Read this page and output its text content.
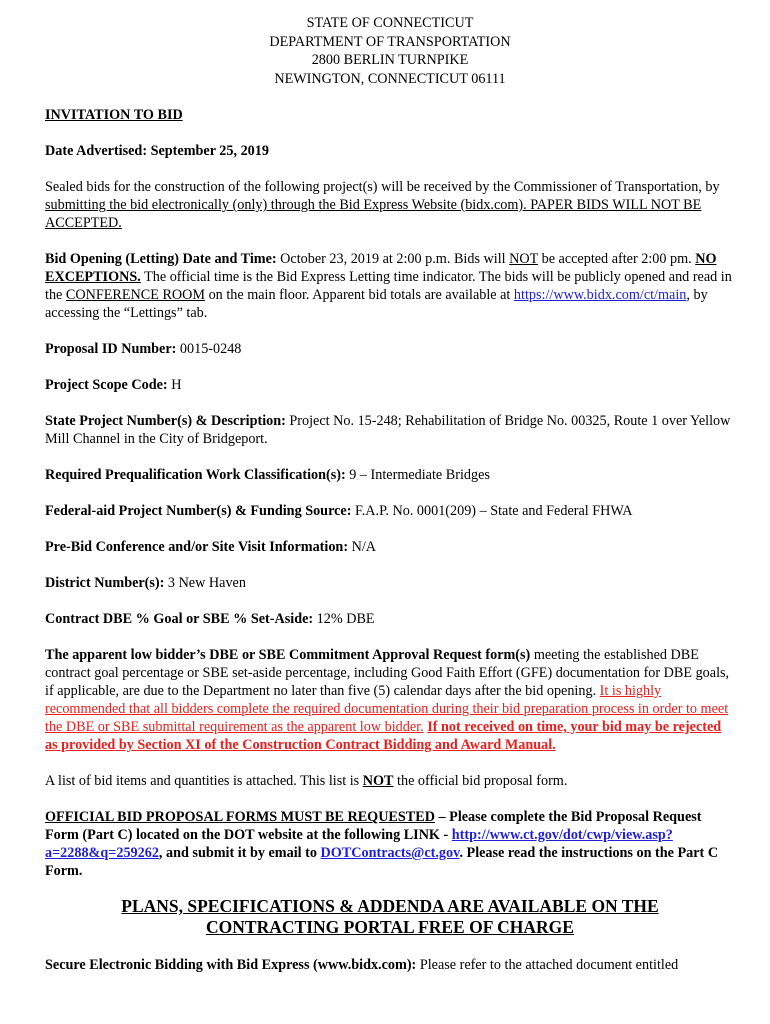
STATE OF CONNECTICUT
DEPARTMENT OF TRANSPORTATION
2800 BERLIN TURNPIKE
NEWINGTON, CONNECTICUT 06111

INVITATION TO BID

Date Advertised: September 25, 2019

Sealed bids for the construction of the following project(s) will be received by the Commissioner of Transportation, by submitting the bid electronically (only) through the Bid Express Website (bidx.com). PAPER BIDS WILL NOT BE ACCEPTED.

Bid Opening (Letting) Date and Time: October 23, 2019 at 2:00 p.m. Bids will NOT be accepted after 2:00 pm. NO EXCEPTIONS. The official time is the Bid Express Letting time indicator. The bids will be publicly opened and read in the CONFERENCE ROOM on the main floor. Apparent bid totals are available at https://www.bidx.com/ct/main, by accessing the “Lettings” tab.

Proposal ID Number: 0015-0248

Project Scope Code: H

State Project Number(s) & Description: Project No. 15-248; Rehabilitation of Bridge No. 00325, Route 1 over Yellow Mill Channel in the City of Bridgeport.

Required Prequalification Work Classification(s): 9 – Intermediate Bridges

Federal-aid Project Number(s) & Funding Source: F.A.P. No. 0001(209) – State and Federal FHWA

Pre-Bid Conference and/or Site Visit Information: N/A

District Number(s): 3 New Haven

Contract DBE % Goal or SBE % Set-Aside: 12% DBE

The apparent low bidder’s DBE or SBE Commitment Approval Request form(s) meeting the established DBE contract goal percentage or SBE set-aside percentage, including Good Faith Effort (GFE) documentation for DBE goals, if applicable, are due to the Department no later than five (5) calendar days after the bid opening. It is highly recommended that all bidders complete the required documentation during their bid preparation process in order to meet the DBE or SBE submittal requirement as the apparent low bidder. If not received on time, your bid may be rejected as provided by Section XI of the Construction Contract Bidding and Award Manual.

A list of bid items and quantities is attached. This list is NOT the official bid proposal form.

OFFICIAL BID PROPOSAL FORMS MUST BE REQUESTED – Please complete the Bid Proposal Request Form (Part C) located on the DOT website at the following LINK - http://www.ct.gov/dot/cwp/view.asp?a=2288&q=259262, and submit it by email to DOTContracts@ct.gov. Please read the instructions on the Part C Form.

PLANS, SPECIFICATIONS & ADDENDA ARE AVAILABLE ON THE
CONTRACTING PORTAL FREE OF CHARGE

Secure Electronic Bidding with Bid Express (www.bidx.com): Please refer to the attached document entitled
